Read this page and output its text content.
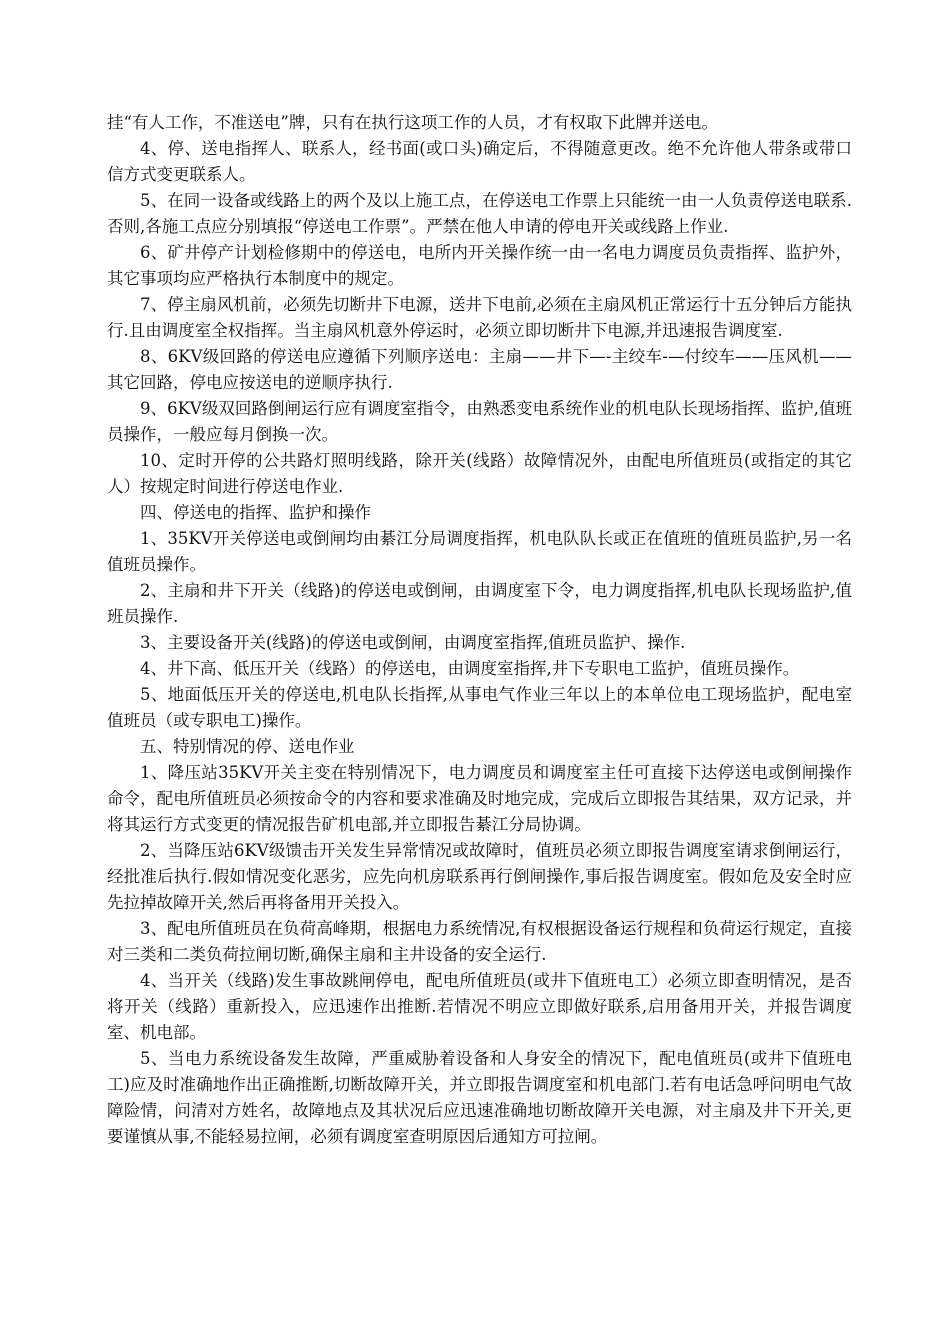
挂“有人工作，不准送电”牌，只有在执行这项工作的人员，才有权取下此牌并送电。

4、停、送电指挥人、联系人，经书面(或口头)确定后，不得随意更改。绝不允许他人带条或带口信方式变更联系人。

5、在同一设备或线路上的两个及以上施工点，在停送电工作票上只能统一由一人负责停送电联系.否则,各施工点应分别填报“停送电工作票”。严禁在他人申请的停电开关或线路上作业.

6、矿井停产计划检修期中的停送电，电所内开关操作统一由一名电力调度员负责指挥、监护外，其它事项均应严格执行本制度中的规定。

7、停主扇风机前，必须先切断井下电源，送井下电前,必须在主扇风机正常运行十五分钟后方能执行.且由调度室全权指挥。当主扇风机意外停运时，必须立即切断井下电源,并迅速报告调度室.

8、6KV级回路的停送电应遵循下列顺序送电：主扇——井下—-主绞车-—付绞车——压风机——其它回路，停电应按送电的逆顺序执行.

9、6KV级双回路倒闸运行应有调度室指令，由熟悉变电系统作业的机电队长现场指挥、监护,值班员操作，一般应每月倒换一次。

10、定时开停的公共路灯照明线路，除开关(线路）故障情况外，由配电所值班员(或指定的其它人）按规定时间进行停送电作业.

四、停送电的指挥、监护和操作

1、35KV开关停送电或倒闸均由綦江分局调度指挥，机电队队长或正在值班的值班员监护,另一名值班员操作。

2、主扇和井下开关（线路)的停送电或倒闸，由调度室下令，电力调度指挥,机电队长现场监护,值班员操作.

3、主要设备开关(线路)的停送电或倒闸，由调度室指挥,值班员监护、操作.

4、井下高、低压开关（线路）的停送电，由调度室指挥,井下专职电工监护，值班员操作。

5、地面低压开关的停送电,机电队长指挥,从事电气作业三年以上的本单位电工现场监护，配电室值班员（或专职电工)操作。

五、特别情况的停、送电作业

1、降压站35KV开关主变在特别情况下，电力调度员和调度室主任可直接下达停送电或倒闸操作命令，配电所值班员必须按命令的内容和要求准确及时地完成，完成后立即报告其结果，双方记录，并将其运行方式变更的情况报告矿机电部,并立即报告綦江分局协调。

2、当降压站6KV级馈击开关发生异常情况或故障时，值班员必须立即报告调度室请求倒闸运行，经批准后执行.假如情况变化恶劣，应先向机房联系再行倒闸操作,事后报告调度室。假如危及安全时应先拉掉故障开关,然后再将备用开关投入。

3、配电所值班员在负荷高峰期，根据电力系统情况,有权根据设备运行规程和负荷运行规定，直接对三类和二类负荷拉闸切断,确保主扇和主井设备的安全运行.

4、当开关（线路)发生事故跳闸停电，配电所值班员(或井下值班电工）必须立即查明情况，是否将开关（线路）重新投入，应迅速作出推断.若情况不明应立即做好联系,启用备用开关，并报告调度室、机电部。

5、当电力系统设备发生故障，严重威胁着设备和人身安全的情况下，配电值班员(或井下值班电工)应及时准确地作出正确推断,切断故障开关，并立即报告调度室和机电部门.若有电话急呼问明电气故障险情，问清对方姓名，故障地点及其状况后应迅速准确地切断故障开关电源，对主扇及井下开关,更要谨慎从事,不能轻易拉闸，必须有调度室查明原因后通知方可拉闸。
